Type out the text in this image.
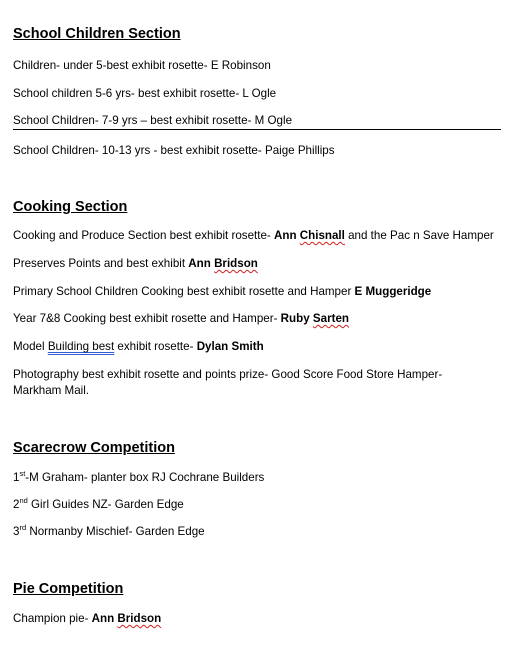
School Children Section
Children- under 5-best exhibit rosette- E Robinson
School children 5-6 yrs- best exhibit rosette- L Ogle
School Children- 7-9 yrs – best exhibit rosette- M Ogle
School Children- 10-13 yrs - best exhibit rosette- Paige Phillips
Cooking Section
Cooking and Produce Section best exhibit rosette- Ann Chisnall and the Pac n Save Hamper
Preserves Points and best exhibit Ann Bridson
Primary School Children Cooking best exhibit rosette and Hamper E Muggeridge
Year 7&8 Cooking best exhibit rosette and Hamper- Ruby Sarten
Model Building best exhibit rosette- Dylan Smith
Photography best exhibit rosette and points prize- Good Score Food Store Hamper-Markham Mail.
Scarecrow Competition
1st-M Graham- planter box RJ Cochrane Builders
2nd Girl Guides NZ- Garden Edge
3rd Normanby Mischief- Garden Edge
Pie Competition
Champion pie- Ann Bridson
